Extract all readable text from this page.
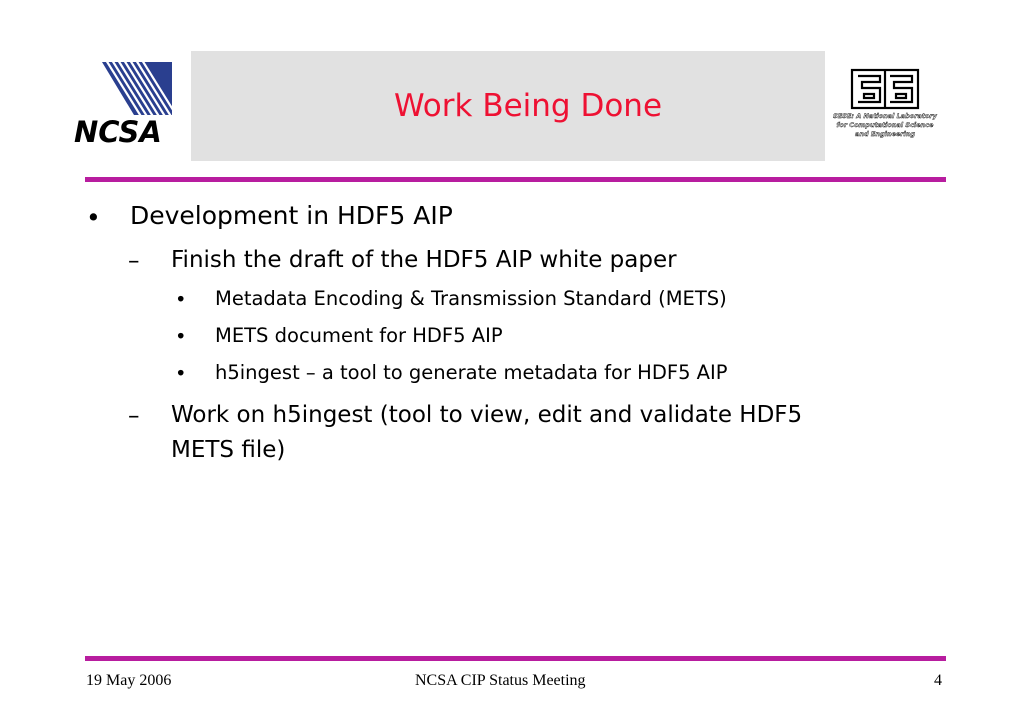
NCSA
Work Being Done	SESE: A National Laboratory
for Computational Science
and Engineering
• Development in HDF5 AIP
– Finish the draft of the HDF5 AIP white paper
• Metadata Encoding & Transmission Standard (METS)
• METS document for HDF5 AIP
• h5ingest – a tool to generate metadata for HDF5 AIP
– Work on h5ingest (tool to view, edit and validate HDF5
METS file)
19 May 2006	NCSA CIP Status Meeting	4
